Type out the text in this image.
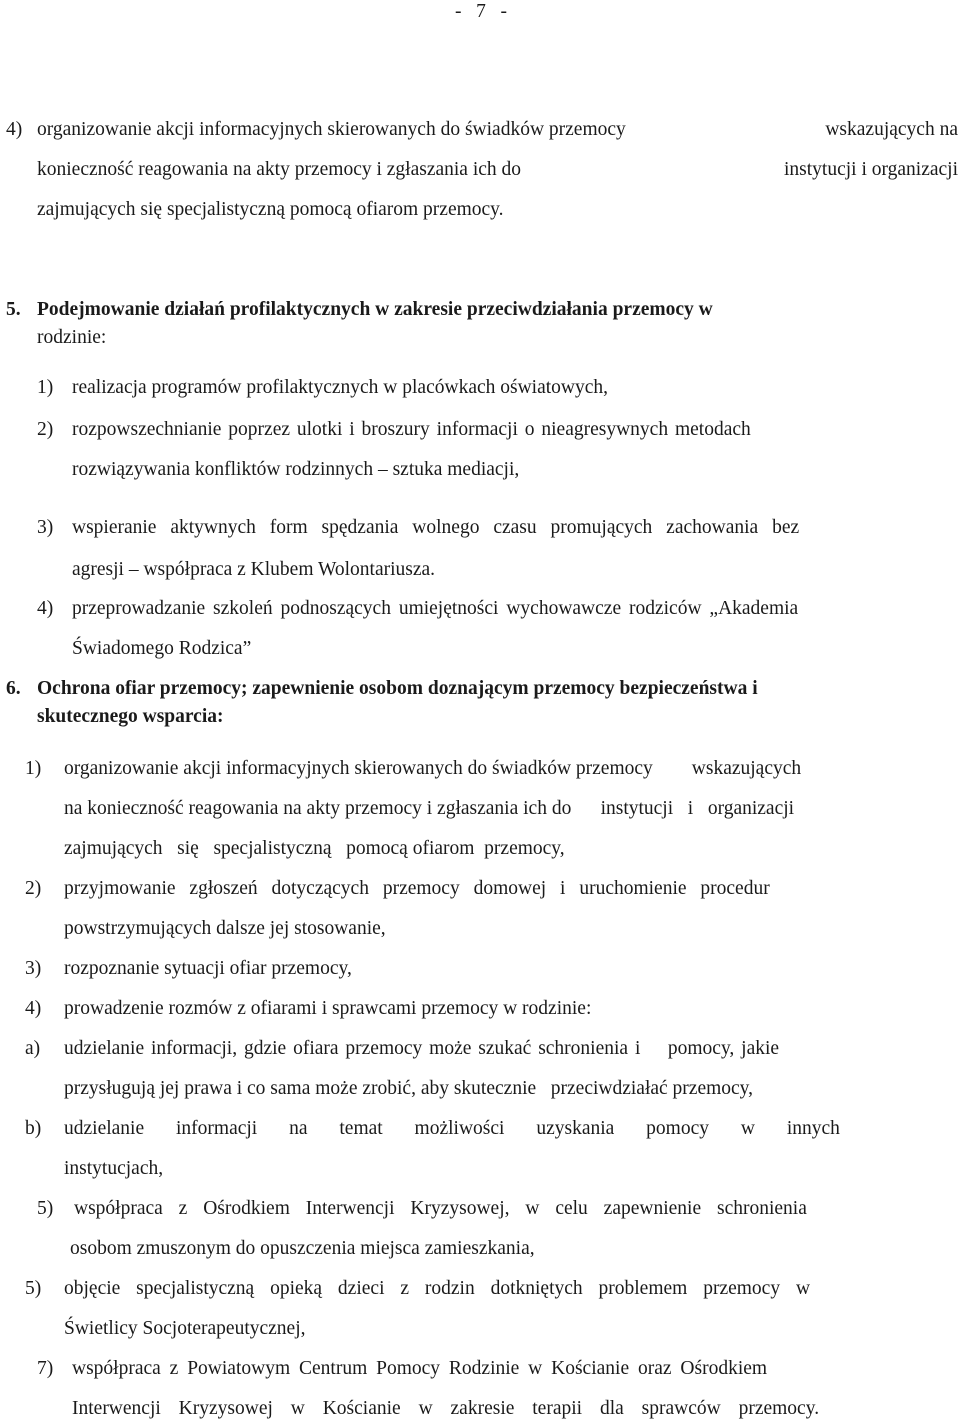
-   7   -
4) organizowanie akcji informacyjnych skierowanych do świadków przemocy	wskazujących na
konieczność reagowania na akty przemocy i zgłaszania ich do	instytucji i organizacji
zajmujących się specjalistyczną pomocą ofiarom przemocy.
5. Podejmowanie działań profilaktycznych w zakresie przeciwdziałania przemocy w
rodzinie:
1) realizacja programów profilaktycznych w placówkach oświatowych,
2) rozpowszechnianie poprzez ulotki i broszury informacji o nieagresywnych metodach
rozwiązywania konfliktów rodzinnych – sztuka mediacji,
3) wspieranie aktywnych form spędzania wolnego czasu promujących zachowania bez
agresji – współpraca z Klubem Wolontariusza.
4) przeprowadzanie szkoleń podnoszących umiejętności wychowawcze rodziców „Akademia
Świadomego Rodzica”
6. Ochrona ofiar przemocy; zapewnienie osobom doznającym przemocy bezpieczeństwa i
skutecznego wsparcia:
1) organizowanie akcji informacyjnych skierowanych do świadków przemocy        wskazujących
na konieczność reagowania na akty przemocy i zgłaszania ich do      instytucji   i   organizacji
zajmujących   się   specjalistyczną   pomocą ofiarom  przemocy,
2) przyjmowanie zgłoszeń dotyczących przemocy domowej i uruchomienie procedur
powstrzymujących dalsze jej stosowanie,
3) rozpoznanie sytuacji ofiar przemocy,
4) prowadzenie rozmów z ofiarami i sprawcami przemocy w rodzinie:
a) udzielanie informacji, gdzie ofiara przemocy może szukać schronienia i    pomocy, jakie
przysługują jej prawa i co sama może zrobić, aby skutecznie   przeciwdziałać przemocy,
b) udzielanie informacji na temat możliwości uzyskania pomocy w innych
instytucjach,
5) współpraca z Ośrodkiem Interwencji Kryzysowej, w celu zapewnienie schronienia
osobom zmuszonym do opuszczenia miejsca zamieszkania,
5) objęcie specjalistyczną opieką dzieci z rodzin dotkniętych problemem przemocy w
Świetlicy Socjoterapeutycznej,
7) współpraca z Powiatowym Centrum Pomocy Rodzinie w Kościanie oraz Ośrodkiem
Interwencji Kryzysowej w Kościanie w zakresie terapii dla sprawców przemocy.
